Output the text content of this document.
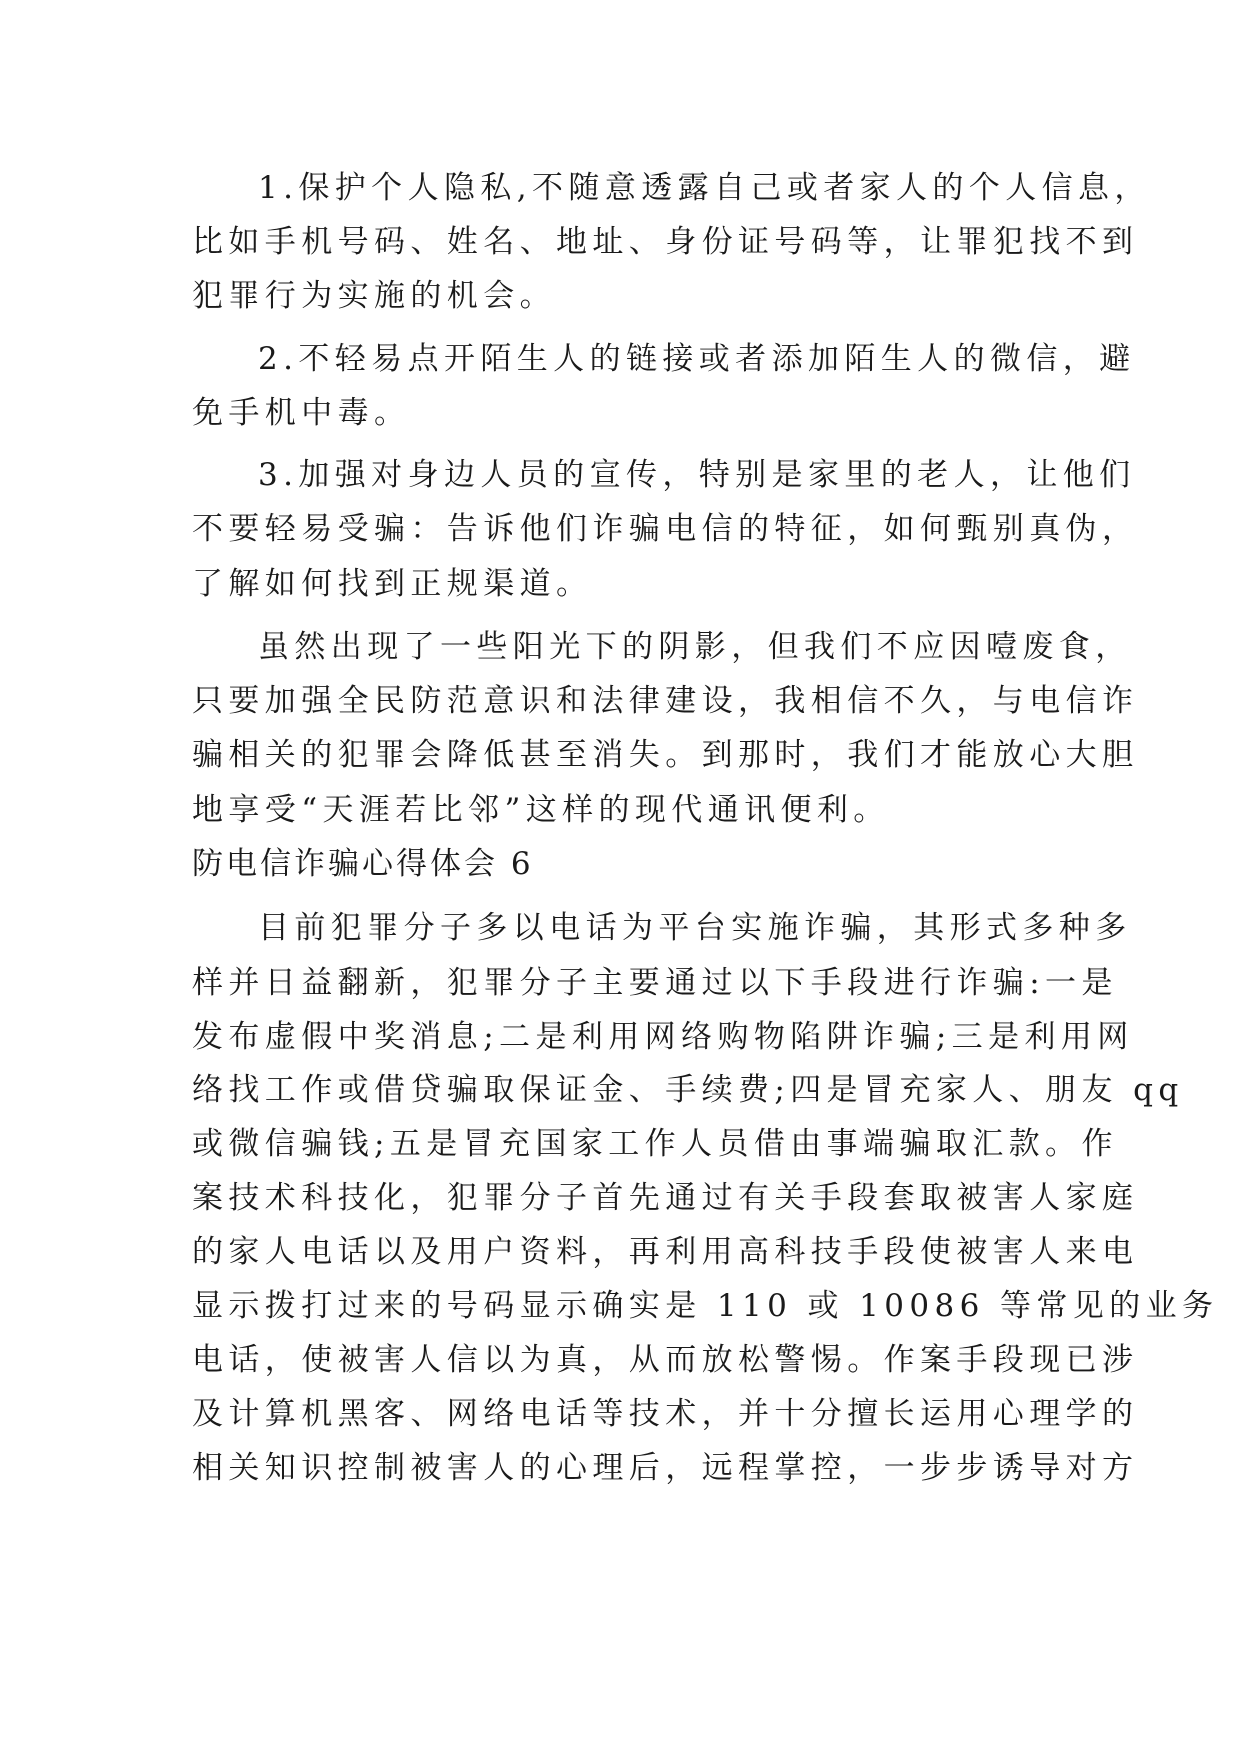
1.保护个人隐私,不随意透露自己或者家人的个人信息，

比如手机号码、姓名、地址、身份证号码等，让罪犯找不到

犯罪行为实施的机会。

2.不轻易点开陌生人的链接或者添加陌生人的微信，避

免手机中毒。

3.加强对身边人员的宣传，特别是家里的老人，让他们

不要轻易受骗：告诉他们诈骗电信的特征，如何甄别真伪，

了解如何找到正规渠道。

虽然出现了一些阳光下的阴影，但我们不应因噎废食，

只要加强全民防范意识和法律建设，我相信不久，与电信诈

骗相关的犯罪会降低甚至消失。到那时，我们才能放心大胆

地享受“天涯若比邻”这样的现代通讯便利。

防电信诈骗心得体会 6

目前犯罪分子多以电话为平台实施诈骗，其形式多种多

样并日益翻新，犯罪分子主要通过以下手段进行诈骗:一是

发布虚假中奖消息;二是利用网络购物陷阱诈骗;三是利用网

络找工作或借贷骗取保证金、手续费;四是冒充家人、朋友 qq

或微信骗钱;五是冒充国家工作人员借由事端骗取汇款。作

案技术科技化，犯罪分子首先通过有关手段套取被害人家庭

的家人电话以及用户资料，再利用高科技手段使被害人来电

显示拨打过来的号码显示确实是 110 或 10086 等常见的业务

电话，使被害人信以为真，从而放松警惕。作案手段现已涉

及计算机黑客、网络电话等技术，并十分擅长运用心理学的

相关知识控制被害人的心理后，远程掌控，一步步诱导对方
